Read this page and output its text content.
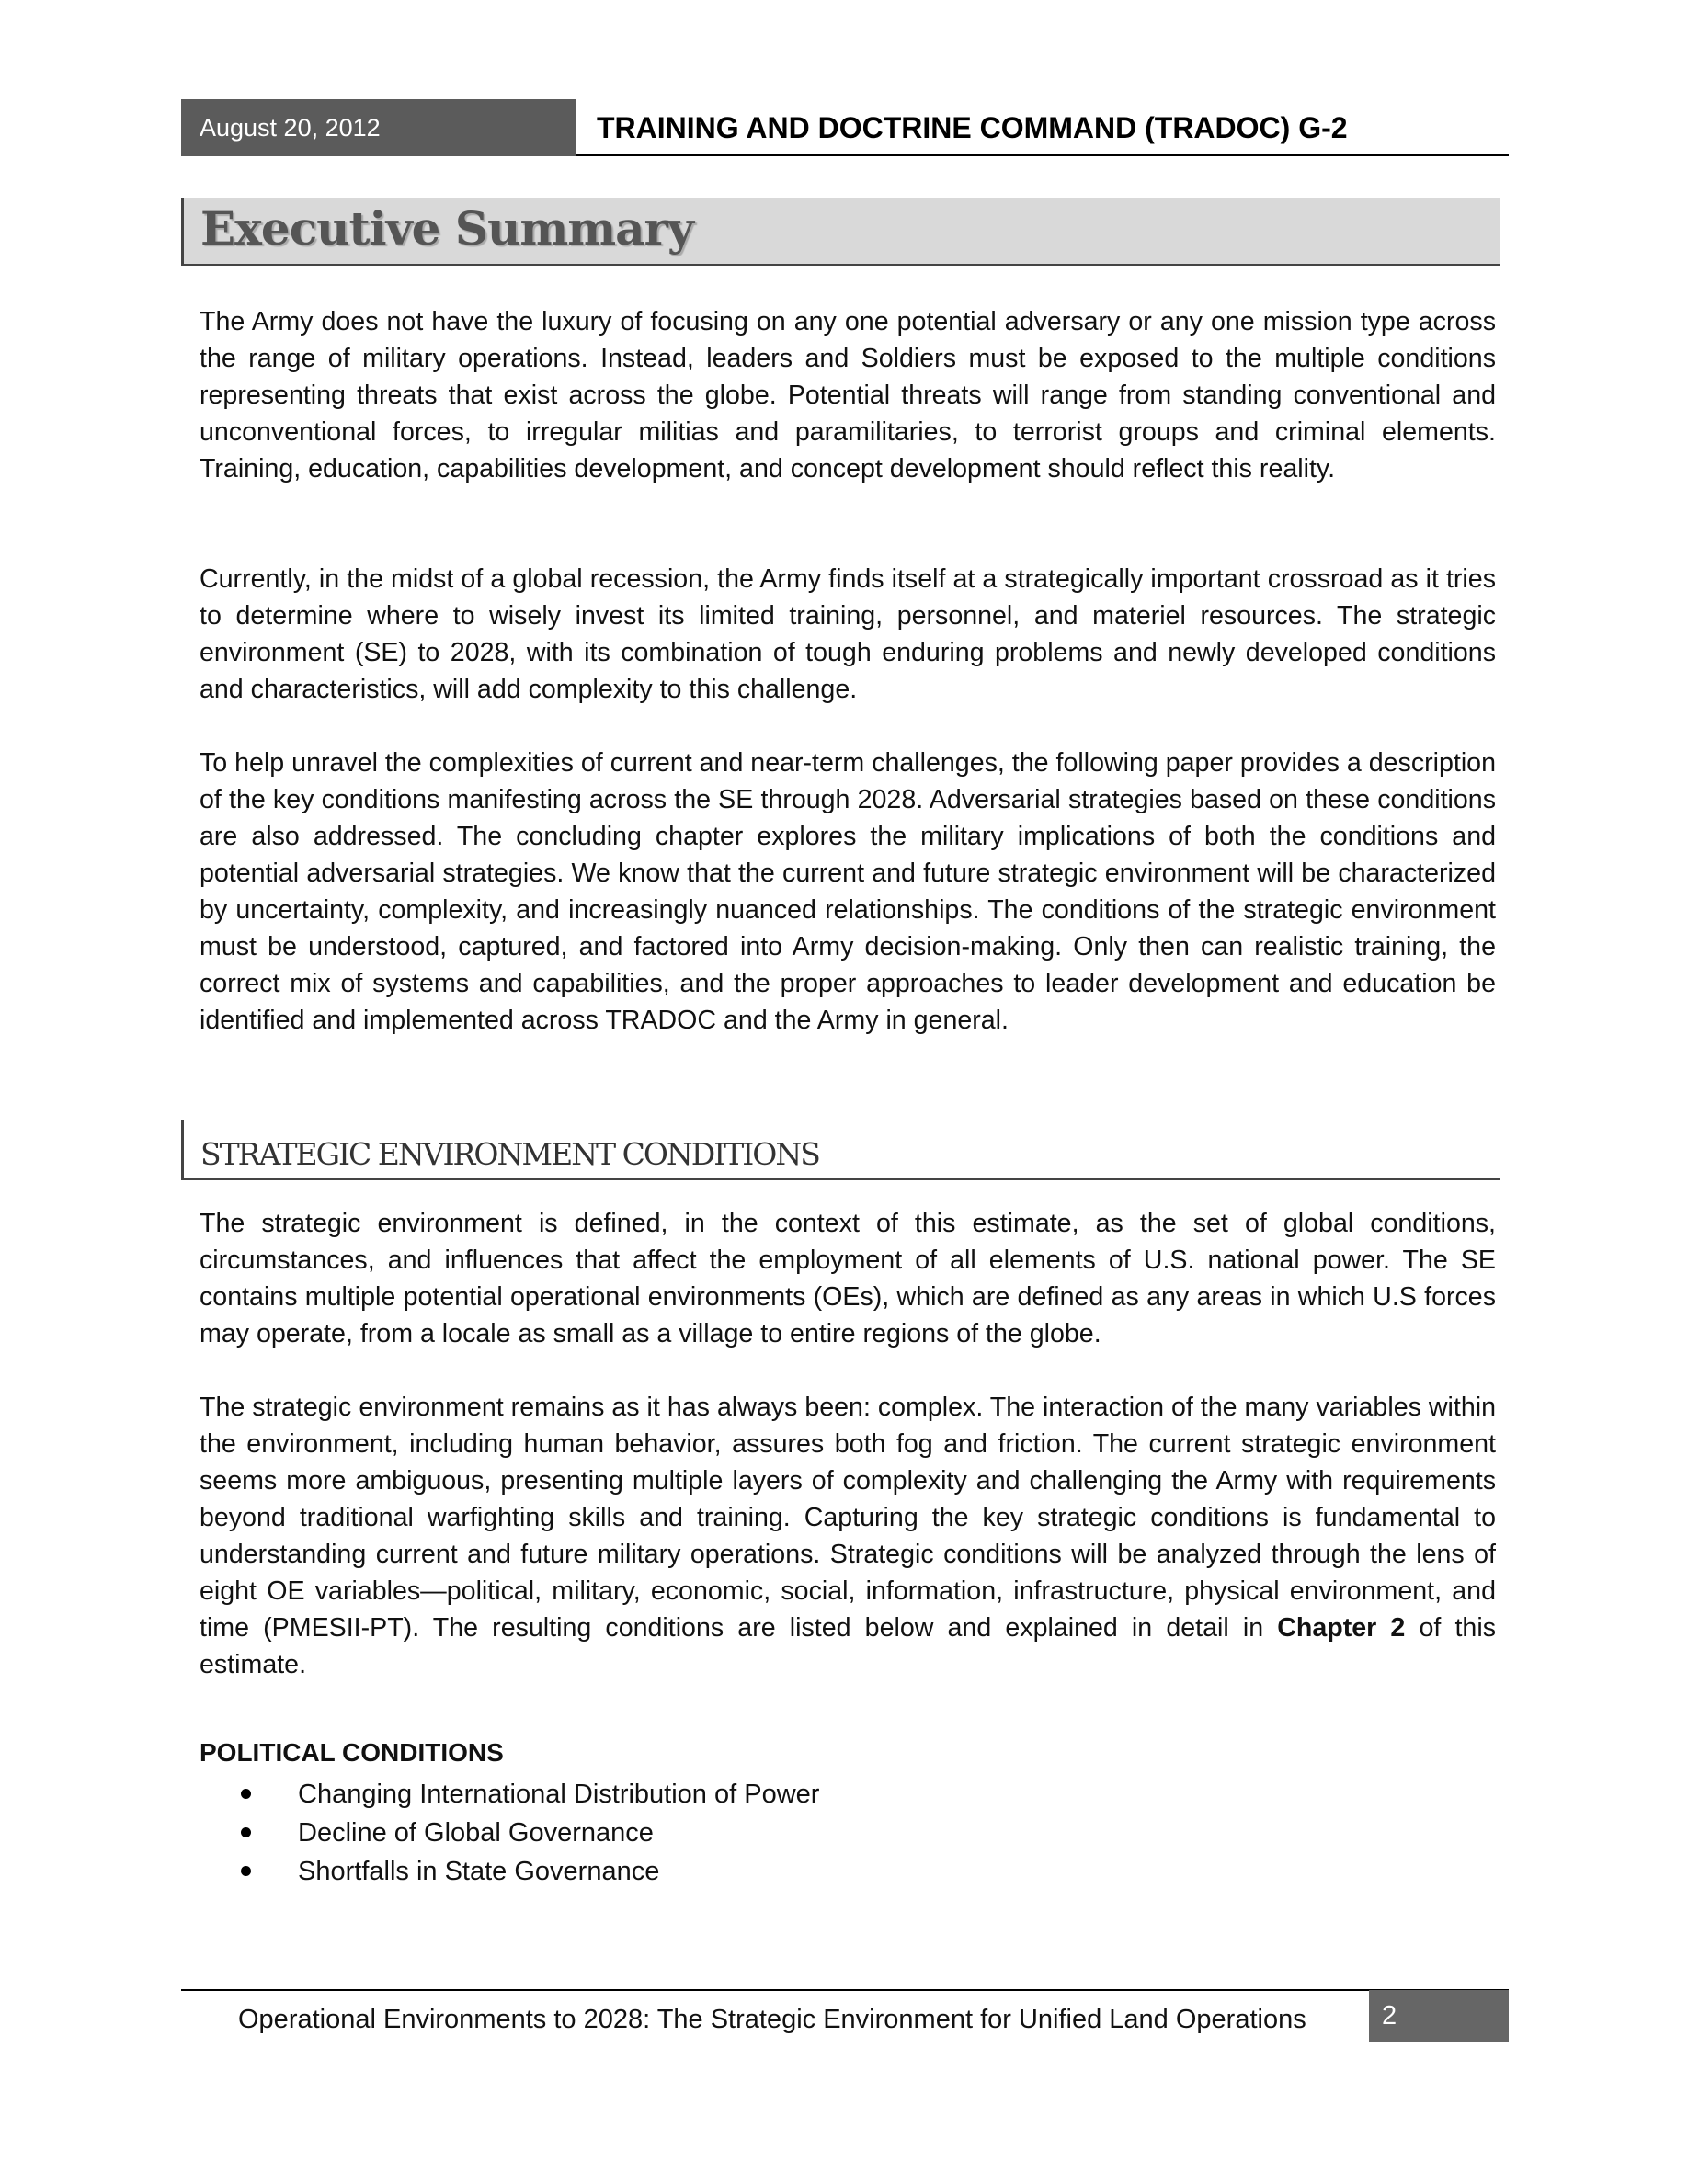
August 20, 2012	TRAINING AND DOCTRINE COMMAND (TRADOC) G-2
Executive Summary

The Army does not have the luxury of focusing on any one potential adversary or any one mission type across the range of military operations. Instead, leaders and Soldiers must be exposed to the multiple conditions representing threats that exist across the globe. Potential threats will range from standing conventional and unconventional forces, to irregular militias and paramilitaries, to terrorist groups and criminal elements. Training, education, capabilities development, and concept development should reflect this reality.

Currently, in the midst of a global recession, the Army finds itself at a strategically important crossroad as it tries to determine where to wisely invest its limited training, personnel, and materiel resources. The strategic environment (SE) to 2028, with its combination of tough enduring problems and newly developed conditions and characteristics, will add complexity to this challenge.

To help unravel the complexities of current and near-term challenges, the following paper provides a description of the key conditions manifesting across the SE through 2028. Adversarial strategies based on these conditions are also addressed. The concluding chapter explores the military implications of both the conditions and potential adversarial strategies. We know that the current and future strategic environment will be characterized by uncertainty, complexity, and increasingly nuanced relationships. The conditions of the strategic environment must be understood, captured, and factored into Army decision-making. Only then can realistic training, the correct mix of systems and capabilities, and the proper approaches to leader development and education be identified and implemented across TRADOC and the Army in general.

STRATEGIC ENVIRONMENT CONDITIONS

The strategic environment is defined, in the context of this estimate, as the set of global conditions, circumstances, and influences that affect the employment of all elements of U.S. national power. The SE contains multiple potential operational environments (OEs), which are defined as any areas in which U.S forces may operate, from a locale as small as a village to entire regions of the globe.

The strategic environment remains as it has always been: complex. The interaction of the many variables within the environment, including human behavior, assures both fog and friction. The current strategic environment seems more ambiguous, presenting multiple layers of complexity and challenging the Army with requirements beyond traditional warfighting skills and training. Capturing the key strategic conditions is fundamental to understanding current and future military operations. Strategic conditions will be analyzed through the lens of eight OE variables—political, military, economic, social, information, infrastructure, physical environment, and time (PMESII-PT). The resulting conditions are listed below and explained in detail in Chapter 2 of this estimate.

POLITICAL CONDITIONS
Changing International Distribution of Power
Decline of Global Governance
Shortfalls in State Governance
Operational Environments to 2028: The Strategic Environment for Unified Land Operations	2
